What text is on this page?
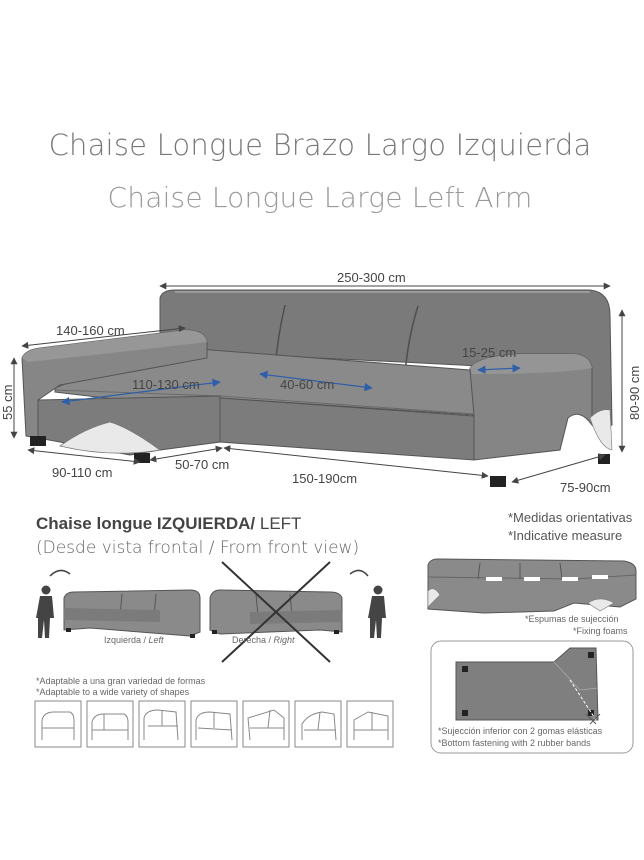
Chaise Longue Brazo Largo Izquierda
Chaise Longue Large Left Arm
250-300 cm
140-160 cm
55 cm
110-130 cm	40-60 cm
15-25 cm
80-90 cm
90-110 cm
50-70 cm
150-190cm
75-90cm
Chaise longue IZQUIERDA/ LEFT
(Desde vista frontal / From front view)
*Medidas orientativas
*Indicative measure
Izquierda / Left	Derecha / Right
*Adaptable a una gran variedad de formas
*Adaptable to a wide variety of shapes
*Espumas de sujección
*Fixing foams
*Sujección inferior con 2 gomas elásticas
*Bottom fastening with 2 rubber bands
